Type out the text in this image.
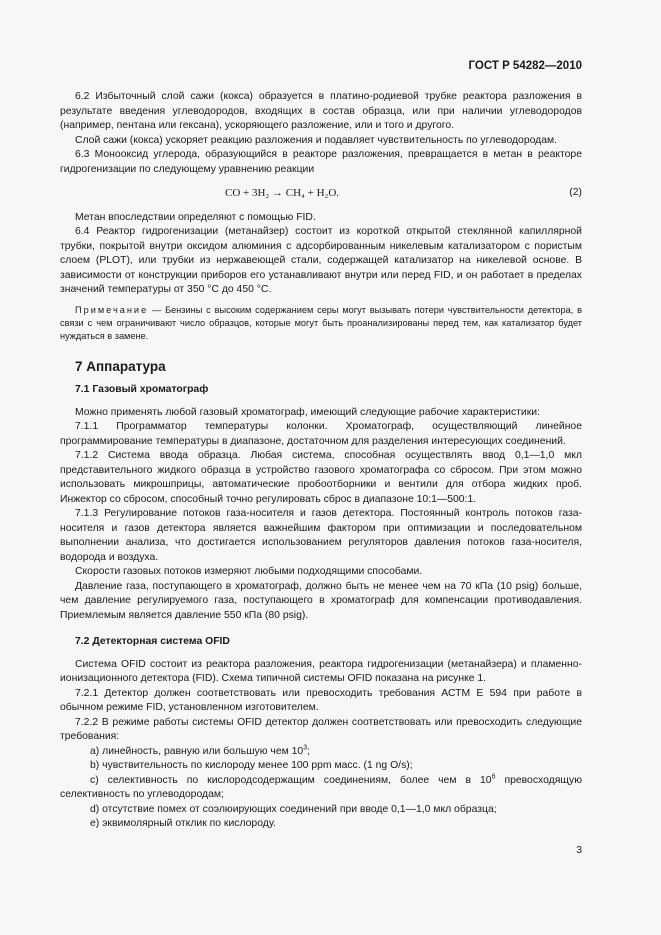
ГОСТ Р 54282—2010

6.2 Избыточный слой сажи (кокса) образуется в платино-родиевой трубке реактора разложения в результате введения углеводородов, входящих в состав образца, или при наличии углеводородов (например, пентана или гексана), ускоряющего разложение, или и того и другого.

Слой сажи (кокса) ускоряет реакцию разложения и подавляет чувствительность по углеводородам.

6.3 Монооксид углерода, образующийся в реакторе разложения, превращается в метан в реакторе гидрогенизации по следующему уравнению реакции

CO + 3H₂ → CH₄ + H₂O.	(2)

Метан впоследствии определяют с помощью FID.

6.4 Реактор гидрогенизации (метанайзер) состоит из короткой открытой стеклянной капиллярной трубки, покрытой внутри оксидом алюминия с адсорбированным никелевым катализатором с пористым слоем (PLOT), или трубки из нержавеющей стали, содержащей катализатор на никелевой основе. В зависимости от конструкции приборов его устанавливают внутри или перед FID, и он работает в пределах значений температуры от 350 °C до 450 °C.

Примечание — Бензины с высоким содержанием серы могут вызывать потери чувствительности детектора, в связи с чем ограничивают число образцов, которые могут быть проанализированы перед тем, как катализатор будет нуждаться в замене.

7 Аппаратура
7.1 Газовый хроматограф

Можно применять любой газовый хроматограф, имеющий следующие рабочие характеристики:

7.1.1 Программатор температуры колонки. Хроматограф, осуществляющий линейное программирование температуры в диапазоне, достаточном для разделения интересующих соединений.

7.1.2 Система ввода образца. Любая система, способная осуществлять ввод 0,1—1,0 мкл представительного жидкого образца в устройство газового хроматографа со сбросом. При этом можно использовать микрошприцы, автоматические пробоотборники и вентили для отбора жидких проб. Инжектор со сбросом, способный точно регулировать сброс в диапазоне 10:1—500:1.

7.1.3 Регулирование потоков газа-носителя и газов детектора. Постоянный контроль потоков газа-носителя и газов детектора является важнейшим фактором при оптимизации и последовательном выполнении анализа, что достигается использованием регуляторов давления потоков газа-носителя, водорода и воздуха.

Скорости газовых потоков измеряют любыми подходящими способами.

Давление газа, поступающего в хроматограф, должно быть не менее чем на 70 кПа (10 psig) больше, чем давление регулируемого газа, поступающего в хроматограф для компенсации противодавления. Приемлемым является давление 550 кПа (80 psig).

7.2 Детекторная система OFID

Система OFID состоит из реактора разложения, реактора гидрогенизации (метанайзера) и пламенно-ионизационного детектора (FID). Схема типичной системы OFID показана на рисунке 1.

7.2.1 Детектор должен соответствовать или превосходить требования АСТМ Е 594 при работе в обычном режиме FID, установленном изготовителем.

7.2.2 В режиме работы системы OFID детектор должен соответствовать или превосходить следующие требования:

a) линейность, равную или большую чем $10^3$;

b) чувствительность по кислороду менее 100 ppm масс. (1 ng O/s);

c) селективность по кислородсодержащим соединениям, более чем в $10^6$ превосходящую селективность по углеводородам;

d) отсутствие помех от соэлюирующих соединений при вводе 0,1—1,0 мкл образца;

e) эквимолярный отклик по кислороду.

3
